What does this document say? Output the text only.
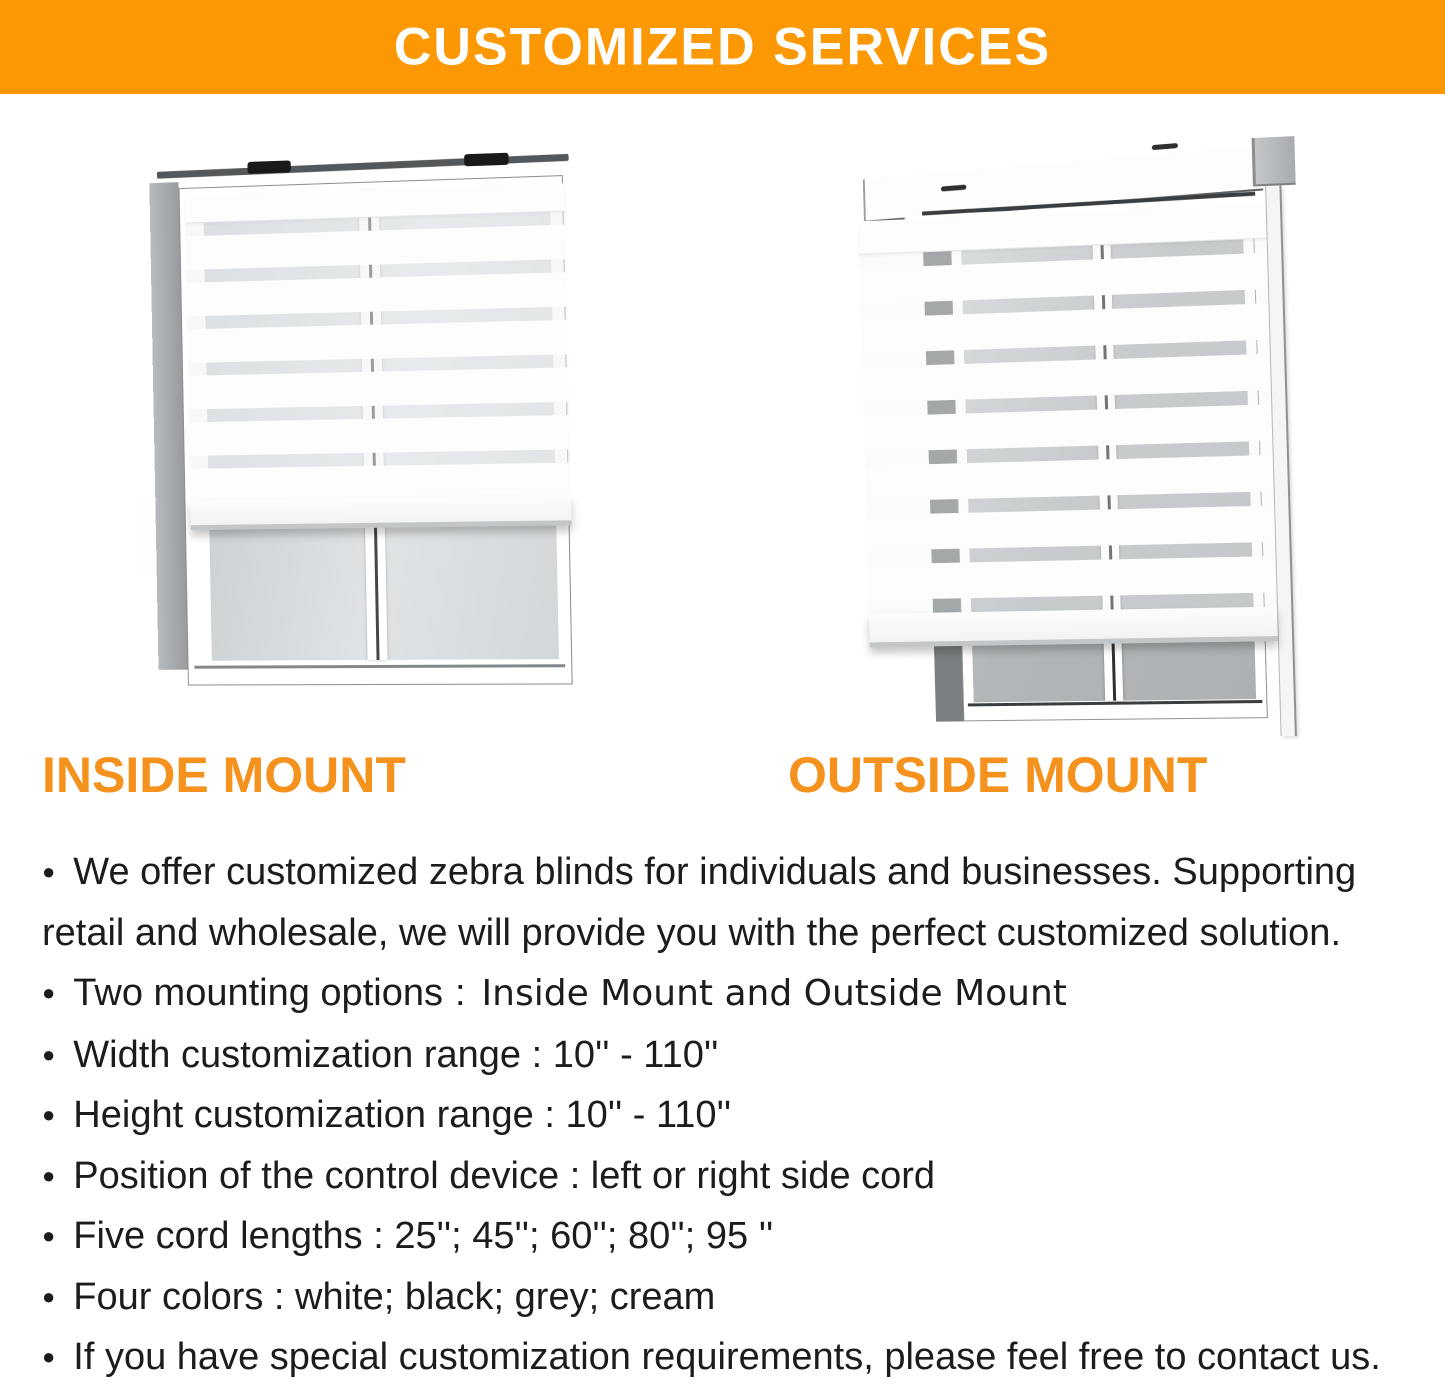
CUSTOMIZED SERVICES
INSIDE MOUNT	OUTSIDE MOUNT

● We offer customized zebra blinds for individuals and businesses. Supporting retail and wholesale, we will provide you with the perfect customized solution.

● Two mounting options : Inside Mount and Outside Mount

● Width customization range : 10'' - 110''

● Height customization range : 10'' - 110''

● Position of the control device : left or right side cord

● Five cord lengths : 25''; 45''; 60''; 80''; 95 ''

● Four colors : white; black; grey; cream

● If you have special customization requirements, please feel free to contact us.
